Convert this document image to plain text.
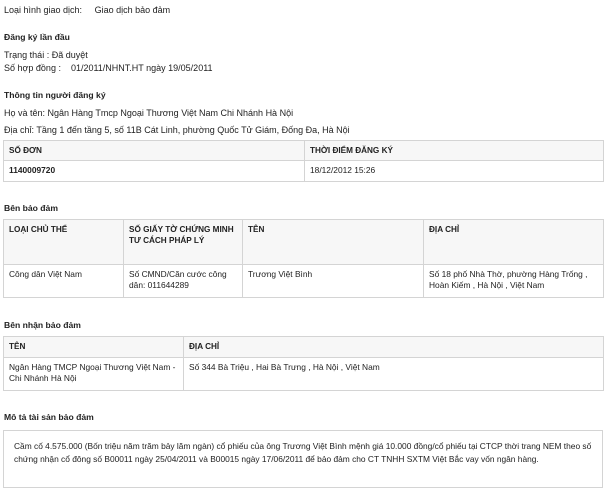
Loại hình giao dịch: Giao dịch bảo đảm
Đăng ký lần đầu
Trạng thái : Đã duyệt
Số hợp đồng :    01/2011/NHNT.HT ngày 19/05/2011
Thông tin người đăng ký
Họ và tên: Ngân Hàng Tmcp Ngoại Thương Việt Nam Chi Nhánh Hà Nội
Địa chỉ: Tầng 1 đến tầng 5, số 11B Cát Linh, phường Quốc Tử Giám, Đống Đa, Hà Nội
SỐ ĐƠN	THỜI ĐIỂM ĐĂNG KÝ
1140009720	18/12/2012 15:26
Bên bảo đảm
LOẠI CHỦ THỂ	SỐ GIẤY TỜ CHỨNG MINH TƯ CÁCH PHÁP LÝ	TÊN	ĐỊA CHỈ
Công dân Việt Nam	Số CMND/Căn cước công dân: 011644289	Trương Việt Bình	Số 18 phố Nhà Thờ, phường Hàng Trống , Hoàn Kiếm , Hà Nội , Việt Nam
Bên nhận bảo đảm
TÊN	ĐỊA CHỈ
Ngân Hàng TMCP Ngoại Thương Việt Nam - Chi Nhánh Hà Nội	Số 344 Bà Triệu , Hai Bà Trưng , Hà Nội , Việt Nam
Mô tả tài sản bảo đảm
Cầm cố 4.575.000 (Bốn triệu năm trăm bảy lăm ngàn) cổ phiếu của ông Trương Việt Bình mệnh giá 10.000 đồng/cổ phiếu tại CTCP thời trang NEM theo số chứng nhận cổ đông số B00011 ngày 25/04/2011 và B00015 ngày 17/06/2011 để bảo đảm cho CT TNHH SXTM Việt Bắc vay vốn ngân hàng.
